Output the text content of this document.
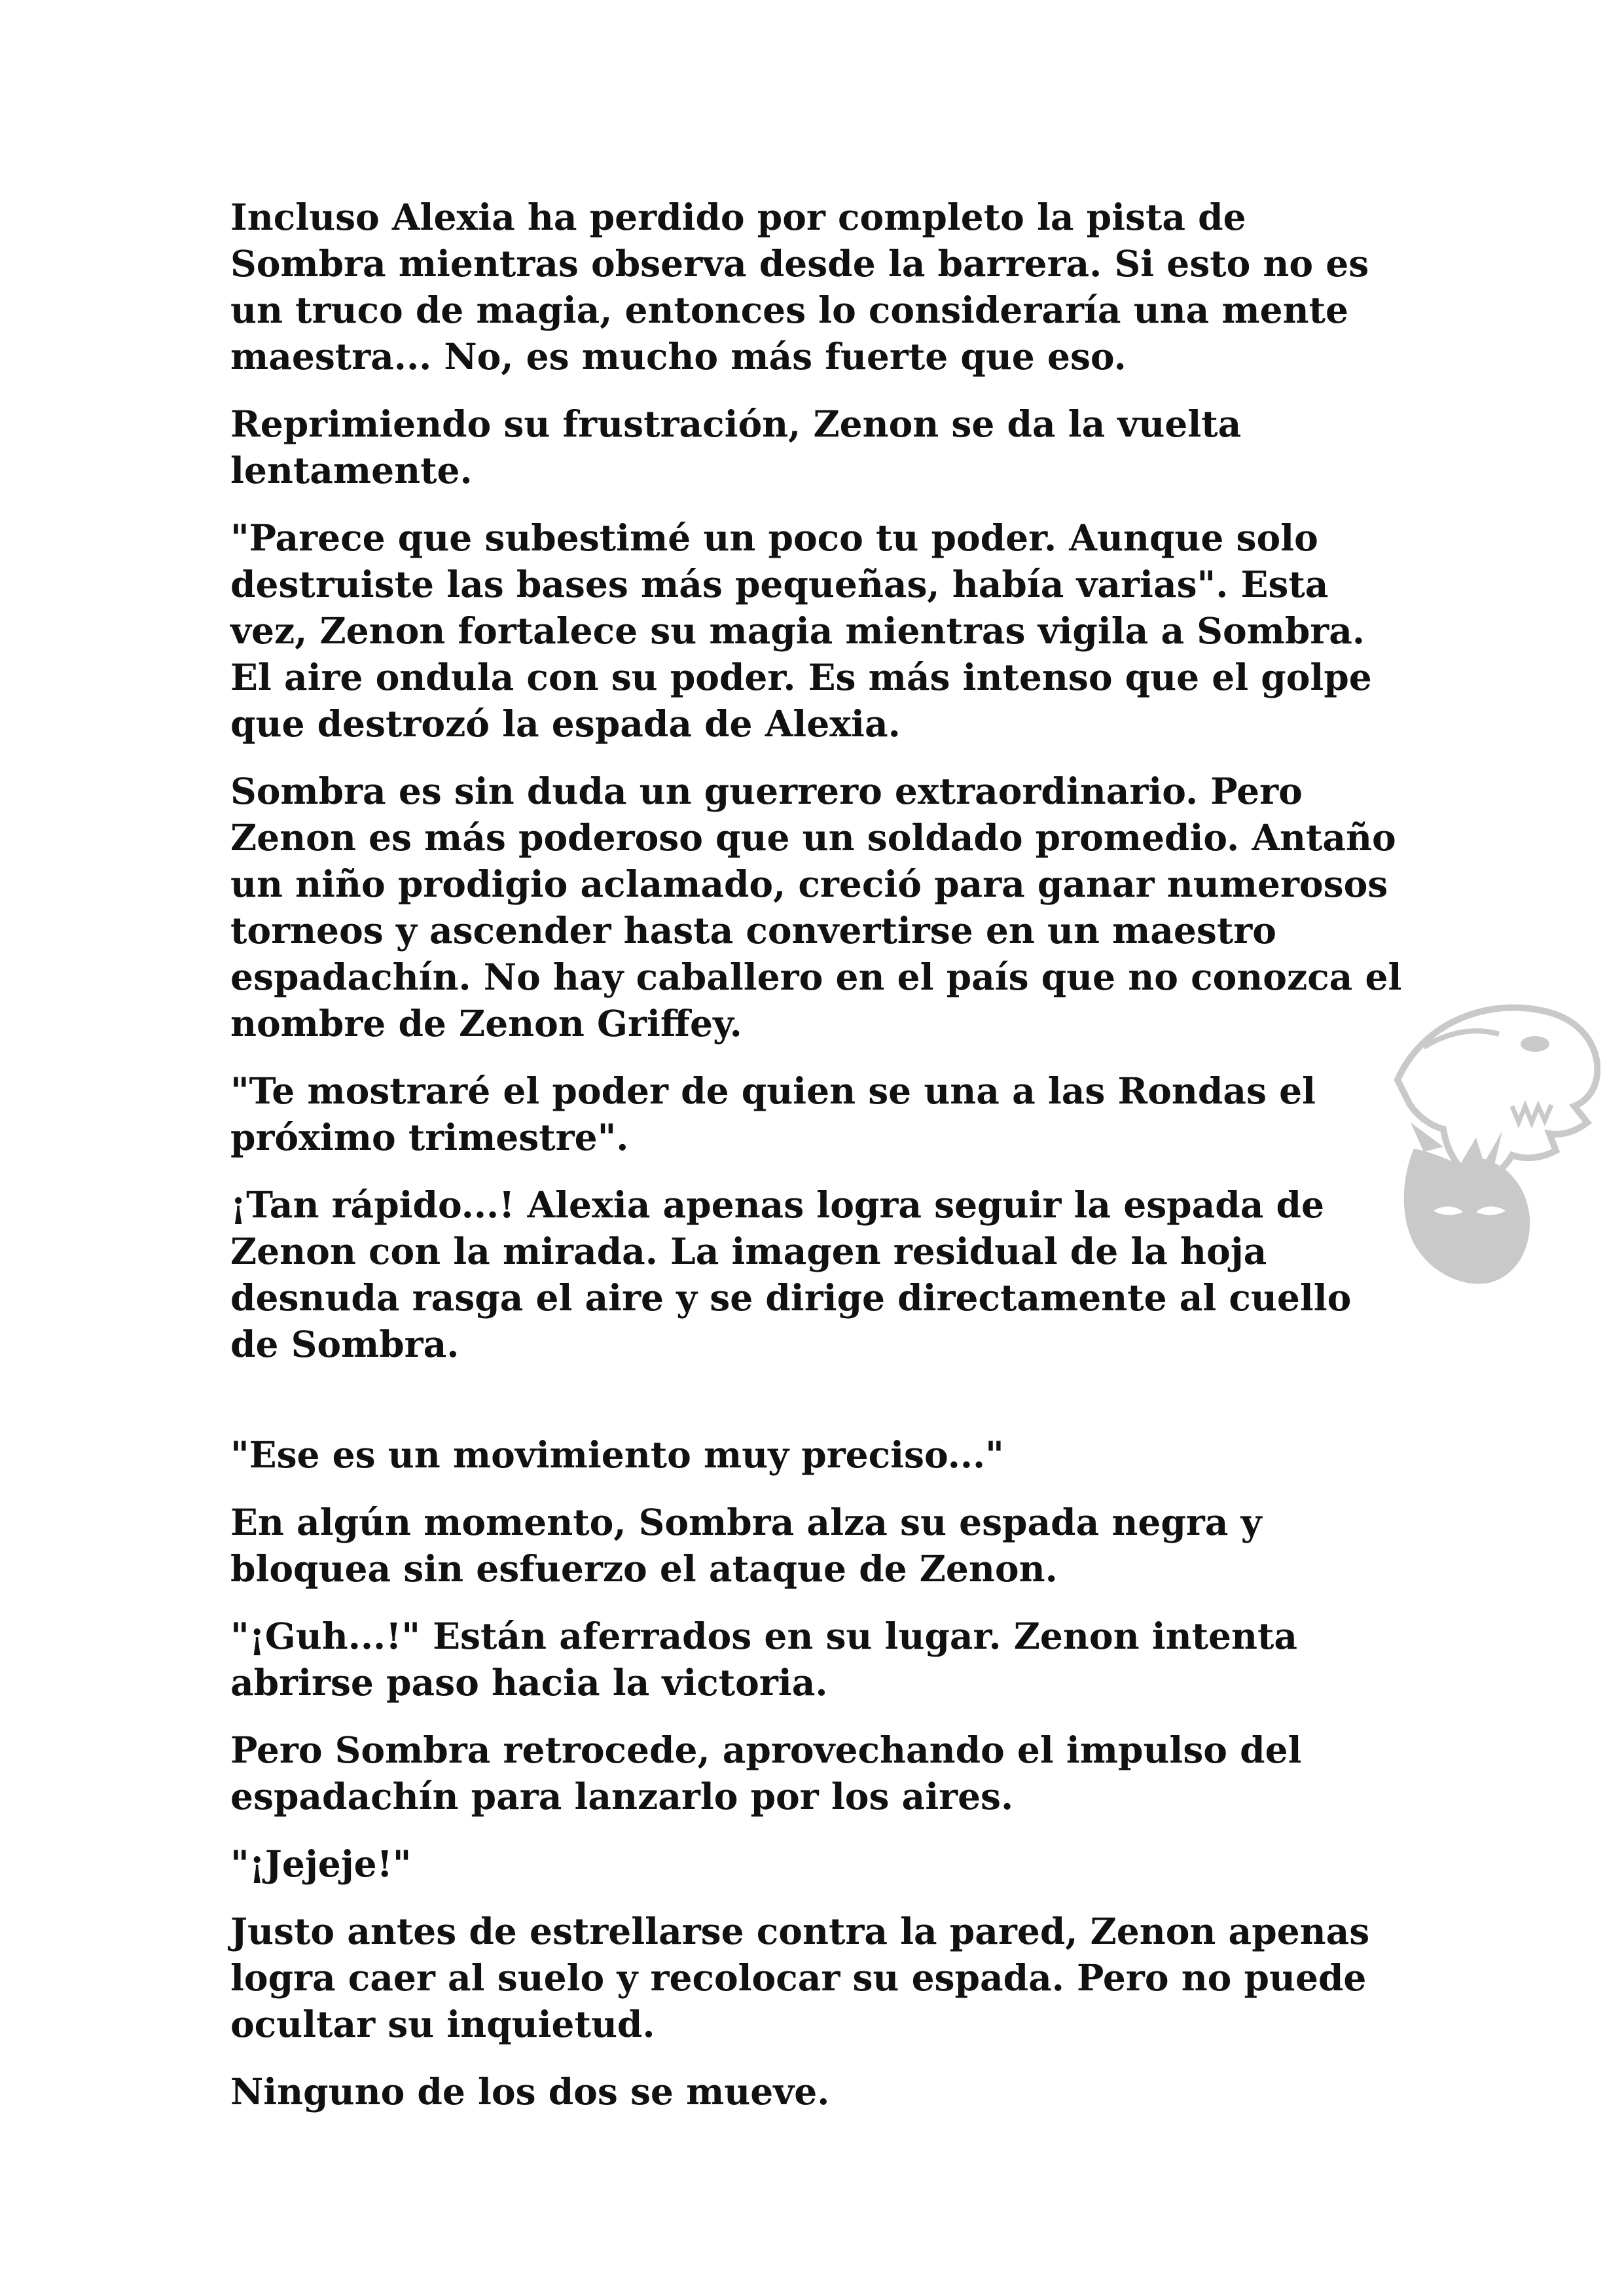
Incluso Alexia ha perdido por completo la pista de Sombra mientras observa desde la barrera. Si esto no es un truco de magia, entonces lo consideraría una mente maestra... No, es mucho más fuerte que eso.

Reprimiendo su frustración, Zenon se da la vuelta lentamente.

"Parece que subestimé un poco tu poder. Aunque solo destruiste las bases más pequeñas, había varias". Esta vez, Zenon fortalece su magia mientras vigila a Sombra. El aire ondula con su poder. Es más intenso que el golpe que destrozó la espada de Alexia.

Sombra es sin duda un guerrero extraordinario. Pero Zenon es más poderoso que un soldado promedio. Antaño un niño prodigio aclamado, creció para ganar numerosos torneos y ascender hasta convertirse en un maestro espadachín. No hay caballero en el país que no conozca el nombre de Zenon Griffey.

"Te mostraré el poder de quien se una a las Rondas el próximo trimestre".

¡Tan rápido...! Alexia apenas logra seguir la espada de Zenon con la mirada. La imagen residual de la hoja desnuda rasga el aire y se dirige directamente al cuello de Sombra.

"Ese es un movimiento muy preciso..."

En algún momento, Sombra alza su espada negra y bloquea sin esfuerzo el ataque de Zenon.

"¡Guh...!" Están aferrados en su lugar. Zenon intenta abrirse paso hacia la victoria.

Pero Sombra retrocede, aprovechando el impulso del espadachín para lanzarlo por los aires.

"¡Jejeje!"

Justo antes de estrellarse contra la pared, Zenon apenas logra caer al suelo y recolocar su espada. Pero no puede ocultar su inquietud.

Ninguno de los dos se mueve.
